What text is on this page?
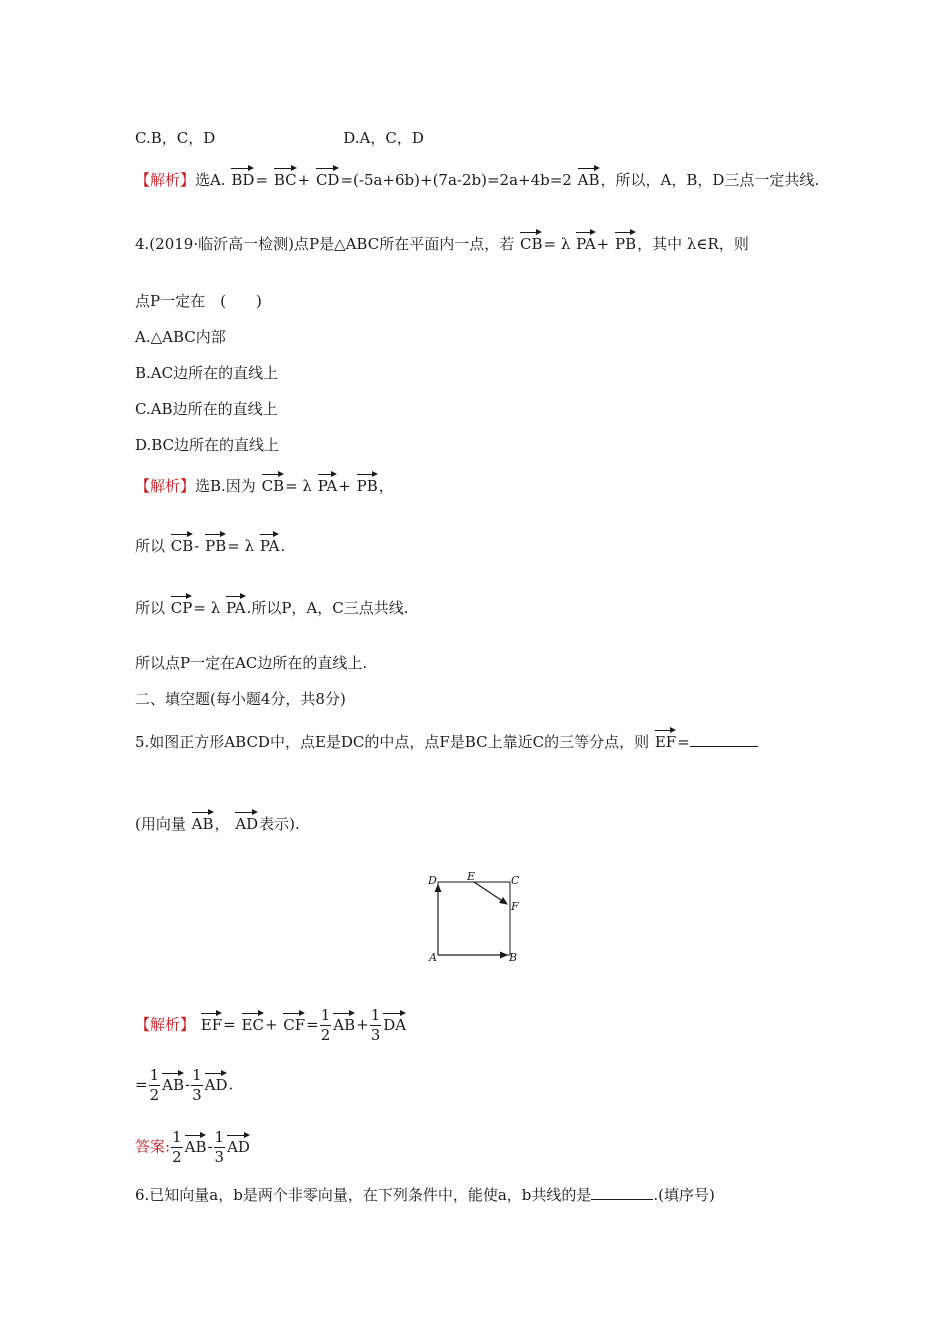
C.B，C，D	D.A，C，D
【解析】选A. BD= BC+ CD=(-5a+6b)+(7a-2b)=2a+4b=2 AB，所以，A，B，D三点一定共线.
4.(2019·临沂高一检测)点P是△ABC所在平面内一点，若 CB= λ PA+ PB，其中 λ∈R，则
点P一定在　(　　)
A.△ABC内部
B.AC边所在的直线上
C.AB边所在的直线上
D.BC边所在的直线上
【解析】选B.因为 CB= λ PA+ PB，
所以 CB- PB= λ PA.
所以 CP= λ PA.所以P，A，C三点共线.
所以点P一定在AC边所在的直线上.
二、填空题(每小题4分，共8分)
5.如图正方形ABCD中，点E是DC的中点，点F是BC上靠近C的三等分点，则 EF=
(用向量 AB， AD表示).
D	E	C
F
A	B
【解析】 $EF= EC+ CF= \frac{1}{2} AB+ \frac{1}{3}$ DA
= $\frac{1}{2} AB- \frac{1}{3}$ AD.
答案: $\frac{1}{2} AB- \frac{1}{3}$ AD
6.已知向量a，b是两个非零向量，在下列条件中，能使a，b共线的是	.(填序号)
